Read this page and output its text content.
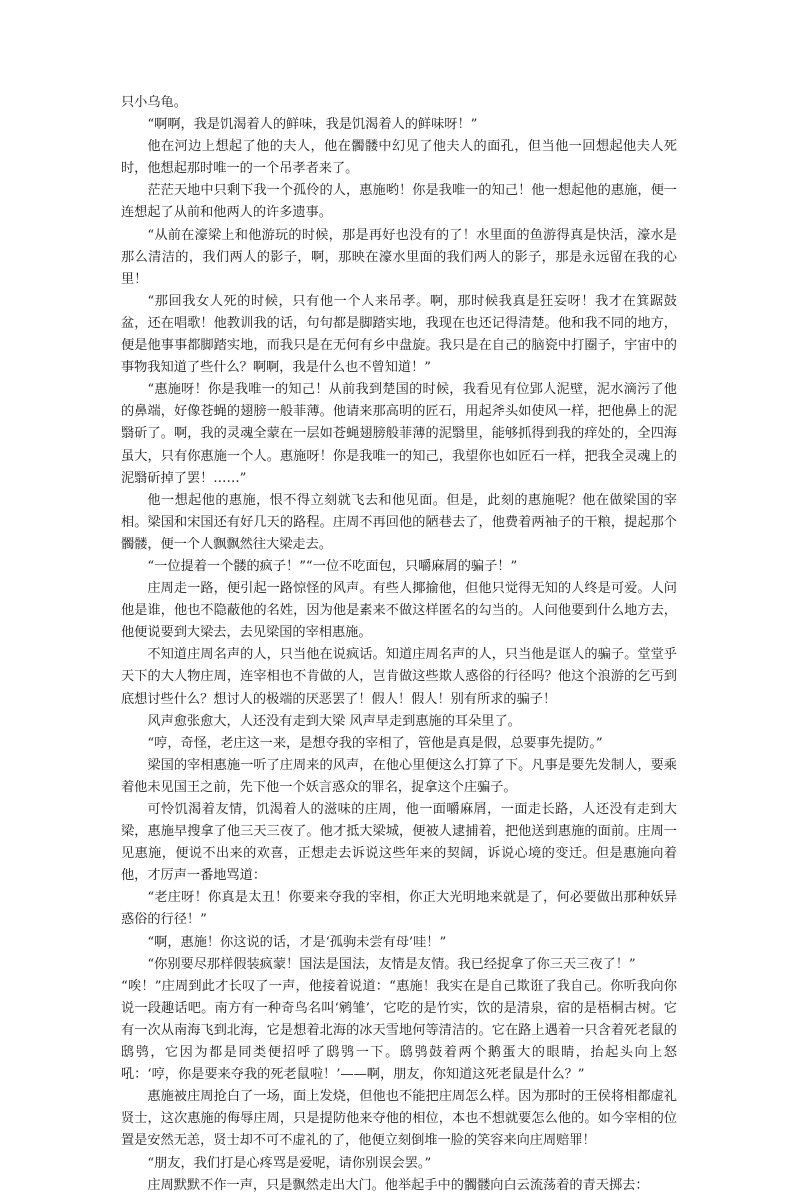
只小乌龟。

“啊啊，我是饥渴着人的鲜味，我是饥渴着人的鲜味呀！”

他在河边上想起了他的夫人，他在髑髅中幻见了他夫人的面孔，但当他一回想起他夫人死时，他想起那时唯一的一个吊孝者来了。

茫茫天地中只剩下我一个孤伶的人，惠施哟！你是我唯一的知己！他一想起他的惠施，便一连想起了从前和他两人的许多遗事。

“从前在濠梁上和他游玩的时候，那是再好也没有的了！水里面的鱼游得真是快活，濠水是那么清洁的，我们两人的影子，啊，那映在濠水里面的我们两人的影子，那是永远留在我的心里！

“那回我女人死的时候，只有他一个人来吊孝。啊，那时候我真是狂妄呀！我才在箕踞鼓盆，还在唱歌！他教训我的话，句句都是脚踏实地，我现在也还记得清楚。他和我不同的地方，便是他事事都脚踏实地，而我只是在无何有乡中盘旋。我只是在自己的脑瓷中打圈子，宇宙中的事物我知道了些什么？啊啊，我是什么也不曾知道！”

“惠施呀！你是我唯一的知己！从前我到楚国的时候，我看见有位郢人泥壁，泥水滴污了他的鼻端，好像苍蝇的翅膀一般菲薄。他请来那高明的匠石，用起斧头如使风一样，把他鼻上的泥翳斫了。啊，我的灵魂全蒙在一层如苍蝇翅膀般菲薄的泥翳里，能够抓得到我的痒处的，全四海虽大，只有你惠施一个人。惠施呀！你是我唯一的知己，我望你也如匠石一样，把我全灵魂上的泥翳斫掉了罢！……”

他一想起他的惠施，恨不得立刻就飞去和他见面。但是，此刻的惠施呢？他在做梁国的宰相。梁国和宋国还有好几天的路程。庄周不再回他的陋巷去了，他费着两袖子的干粮，提起那个髑髅，便一个人飘飘然往大梁走去。

“一位提着一个髅的疯子！”“一位不吃面包，只嚼麻屑的骗子！”

庄周走一路，便引起一路惊怪的风声。有些人揶揄他，但他只觉得无知的人终是可爱。人问他是谁，他也不隐蔽他的名姓，因为他是素来不做这样匿名的勾当的。人问他要到什么地方去，他便说要到大梁去，去见梁国的宰相惠施。

不知道庄周名声的人，只当他在说疯话。知道庄周名声的人，只当他是诓人的骗子。堂堂乎天下的大人物庄周，连宰相也不肯做的人，岂肯做这些欺人惑俗的行径吗？他这个浪游的乞丐到底想讨些什么？想讨人的极端的厌恶罢了！假人！假人！别有所求的骗子！

风声愈张愈大，人还没有走到大梁 风声早走到惠施的耳朵里了。

“哼，奇怪，老庄这一来，是想夺我的宰相了，管他是真是假，总要事先提防。”

梁国的宰相惠施一听了庄周来的风声，在他心里便这么打算了下。凡事是要先发制人，要乘着他未见国王之前，先下他一个妖言惑众的罪名，捉拿这个庄骗子。

可怜饥渴着友情，饥渴着人的滋味的庄周，他一面嚼麻屑，一面走长路，人还没有走到大梁，惠施早搜拿了他三天三夜了。他才抵大梁城，便被人逮捕着，把他送到惠施的面前。庄周一见惠施，便说不出来的欢喜，正想走去诉说这些年来的契阔，诉说心境的变迁。但是惠施向着他，才厉声一番地骂道：

“老庄呀！你真是太丑！你要来夺我的宰相，你正大光明地来就是了，何必要做出那种妖异惑俗的行径！”

“啊，惠施！你这说的话，才是‘孤驹未尝有母’哇！”

“你别要尽那样假装疯蒙！国法是国法，友情是友情。我已经捉拿了你三天三夜了！”

“唉！”庄周到此才长叹了一声，他接着说道：“惠施！我实在是自己欺诳了我自己。你听我向你说一段趣话吧。南方有一种奇鸟名叫‘鹓雏’，它吃的是竹实，饮的是清泉，宿的是梧桐古树。它有一次从南海飞到北海，它是想着北海的冰天雪地何等清洁的。它在路上遇着一只含着死老鼠的鸱鸮，它因为都是同类便招呼了鸱鸮一下。鸱鸮鼓着两个鹅蛋大的眼睛，抬起头向上怒吼：‘哼，你是要来夺我的死老鼠啦！’——啊，朋友，你知道这死老鼠是什么？”

惠施被庄周抢白了一场，面上发烧，但他也不能把庄周怎么样。因为那时的王侯将相都虚礼贤士，这次惠施的侮辱庄周，只是提防他来夺他的相位，本也不想就要怎么他的。如今宰相的位置是安然无恙，贤士却不可不虚礼的了，他便立刻倒堆一脸的笑容来向庄周赔罪！

“朋友，我们打是心疼骂是爱呢，请你别误会罢。”

庄周默默不作一声，只是飘然走出大门。他举起手中的髑髅向白云流荡着的青天掷去：
